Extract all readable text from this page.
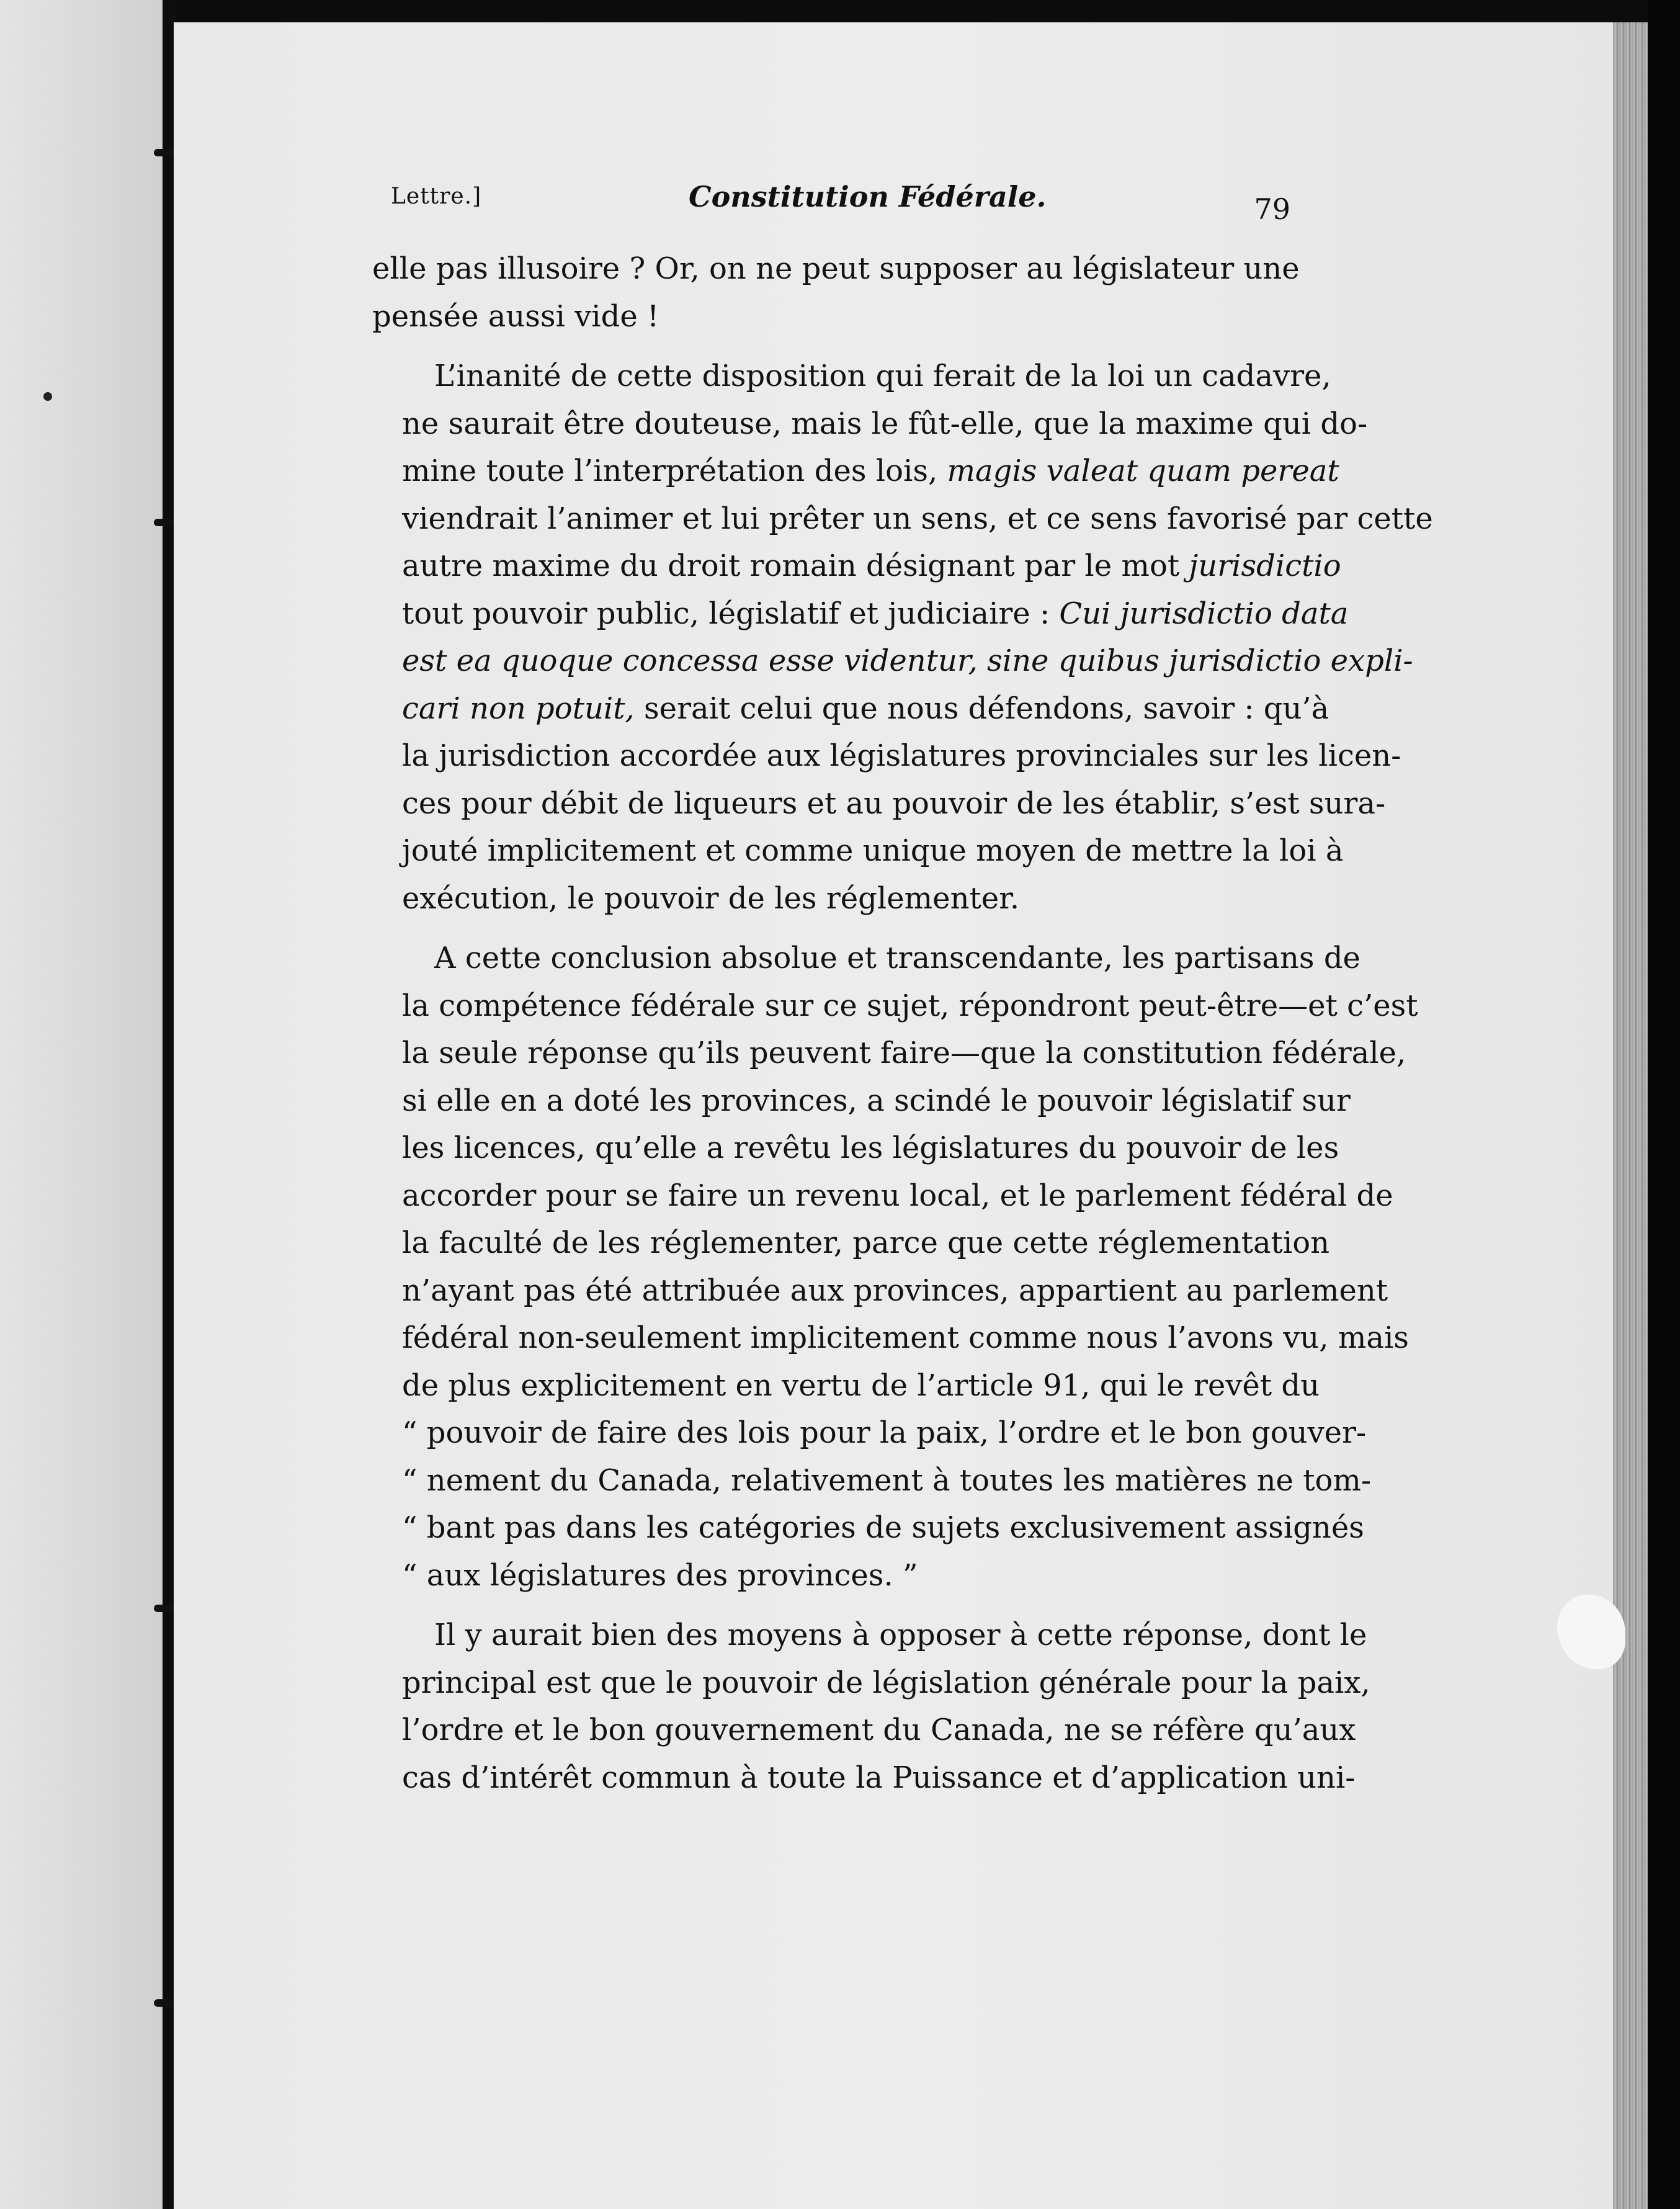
Lettre.]	Constitution Fédérale.	79
elle pas illusoire ? Or, on ne peut supposer au législateur une
pensée aussi vide !
L’inanité de cette disposition qui ferait de la loi un cadavre,
ne saurait être douteuse, mais le fût-elle, que la maxime qui do-
mine toute l’interprétation des lois, magis valeat quam pereat
viendrait l’animer et lui prêter un sens, et ce sens favorisé par cette
autre maxime du droit romain désignant par le mot jurisdictio
tout pouvoir public, législatif et judiciaire : Cui jurisdictio data
est ea quoque concessa esse videntur, sine quibus jurisdictio expli-
cari non potuit, serait celui que nous défendons, savoir : qu’à
la jurisdiction accordée aux législatures provinciales sur les licen-
ces pour débit de liqueurs et au pouvoir de les établir, s’est sura-
jouté implicitement et comme unique moyen de mettre la loi à
exécution, le pouvoir de les réglementer.
A cette conclusion absolue et transcendante, les partisans de
la compétence fédérale sur ce sujet, répondront peut-être—et c’est
la seule réponse qu’ils peuvent faire—que la constitution fédérale,
si elle en a doté les provinces, a scindé le pouvoir législatif sur
les licences, qu’elle a revêtu les législatures du pouvoir de les
accorder pour se faire un revenu local, et le parlement fédéral de
la faculté de les réglementer, parce que cette réglementation
n’ayant pas été attribuée aux provinces, appartient au parlement
fédéral non-seulement implicitement comme nous l’avons vu, mais
de plus explicitement en vertu de l’article 91, qui le revêt du
“ pouvoir de faire des lois pour la paix, l’ordre et le bon gouver-
“ nement du Canada, relativement à toutes les matières ne tom-
“ bant pas dans les catégories de sujets exclusivement assignés
“ aux législatures des provinces. ”
Il y aurait bien des moyens à opposer à cette réponse, dont le
principal est que le pouvoir de législation générale pour la paix,
l’ordre et le bon gouvernement du Canada, ne se réfère qu’aux
cas d’intérêt commun à toute la Puissance et d’application uni-
